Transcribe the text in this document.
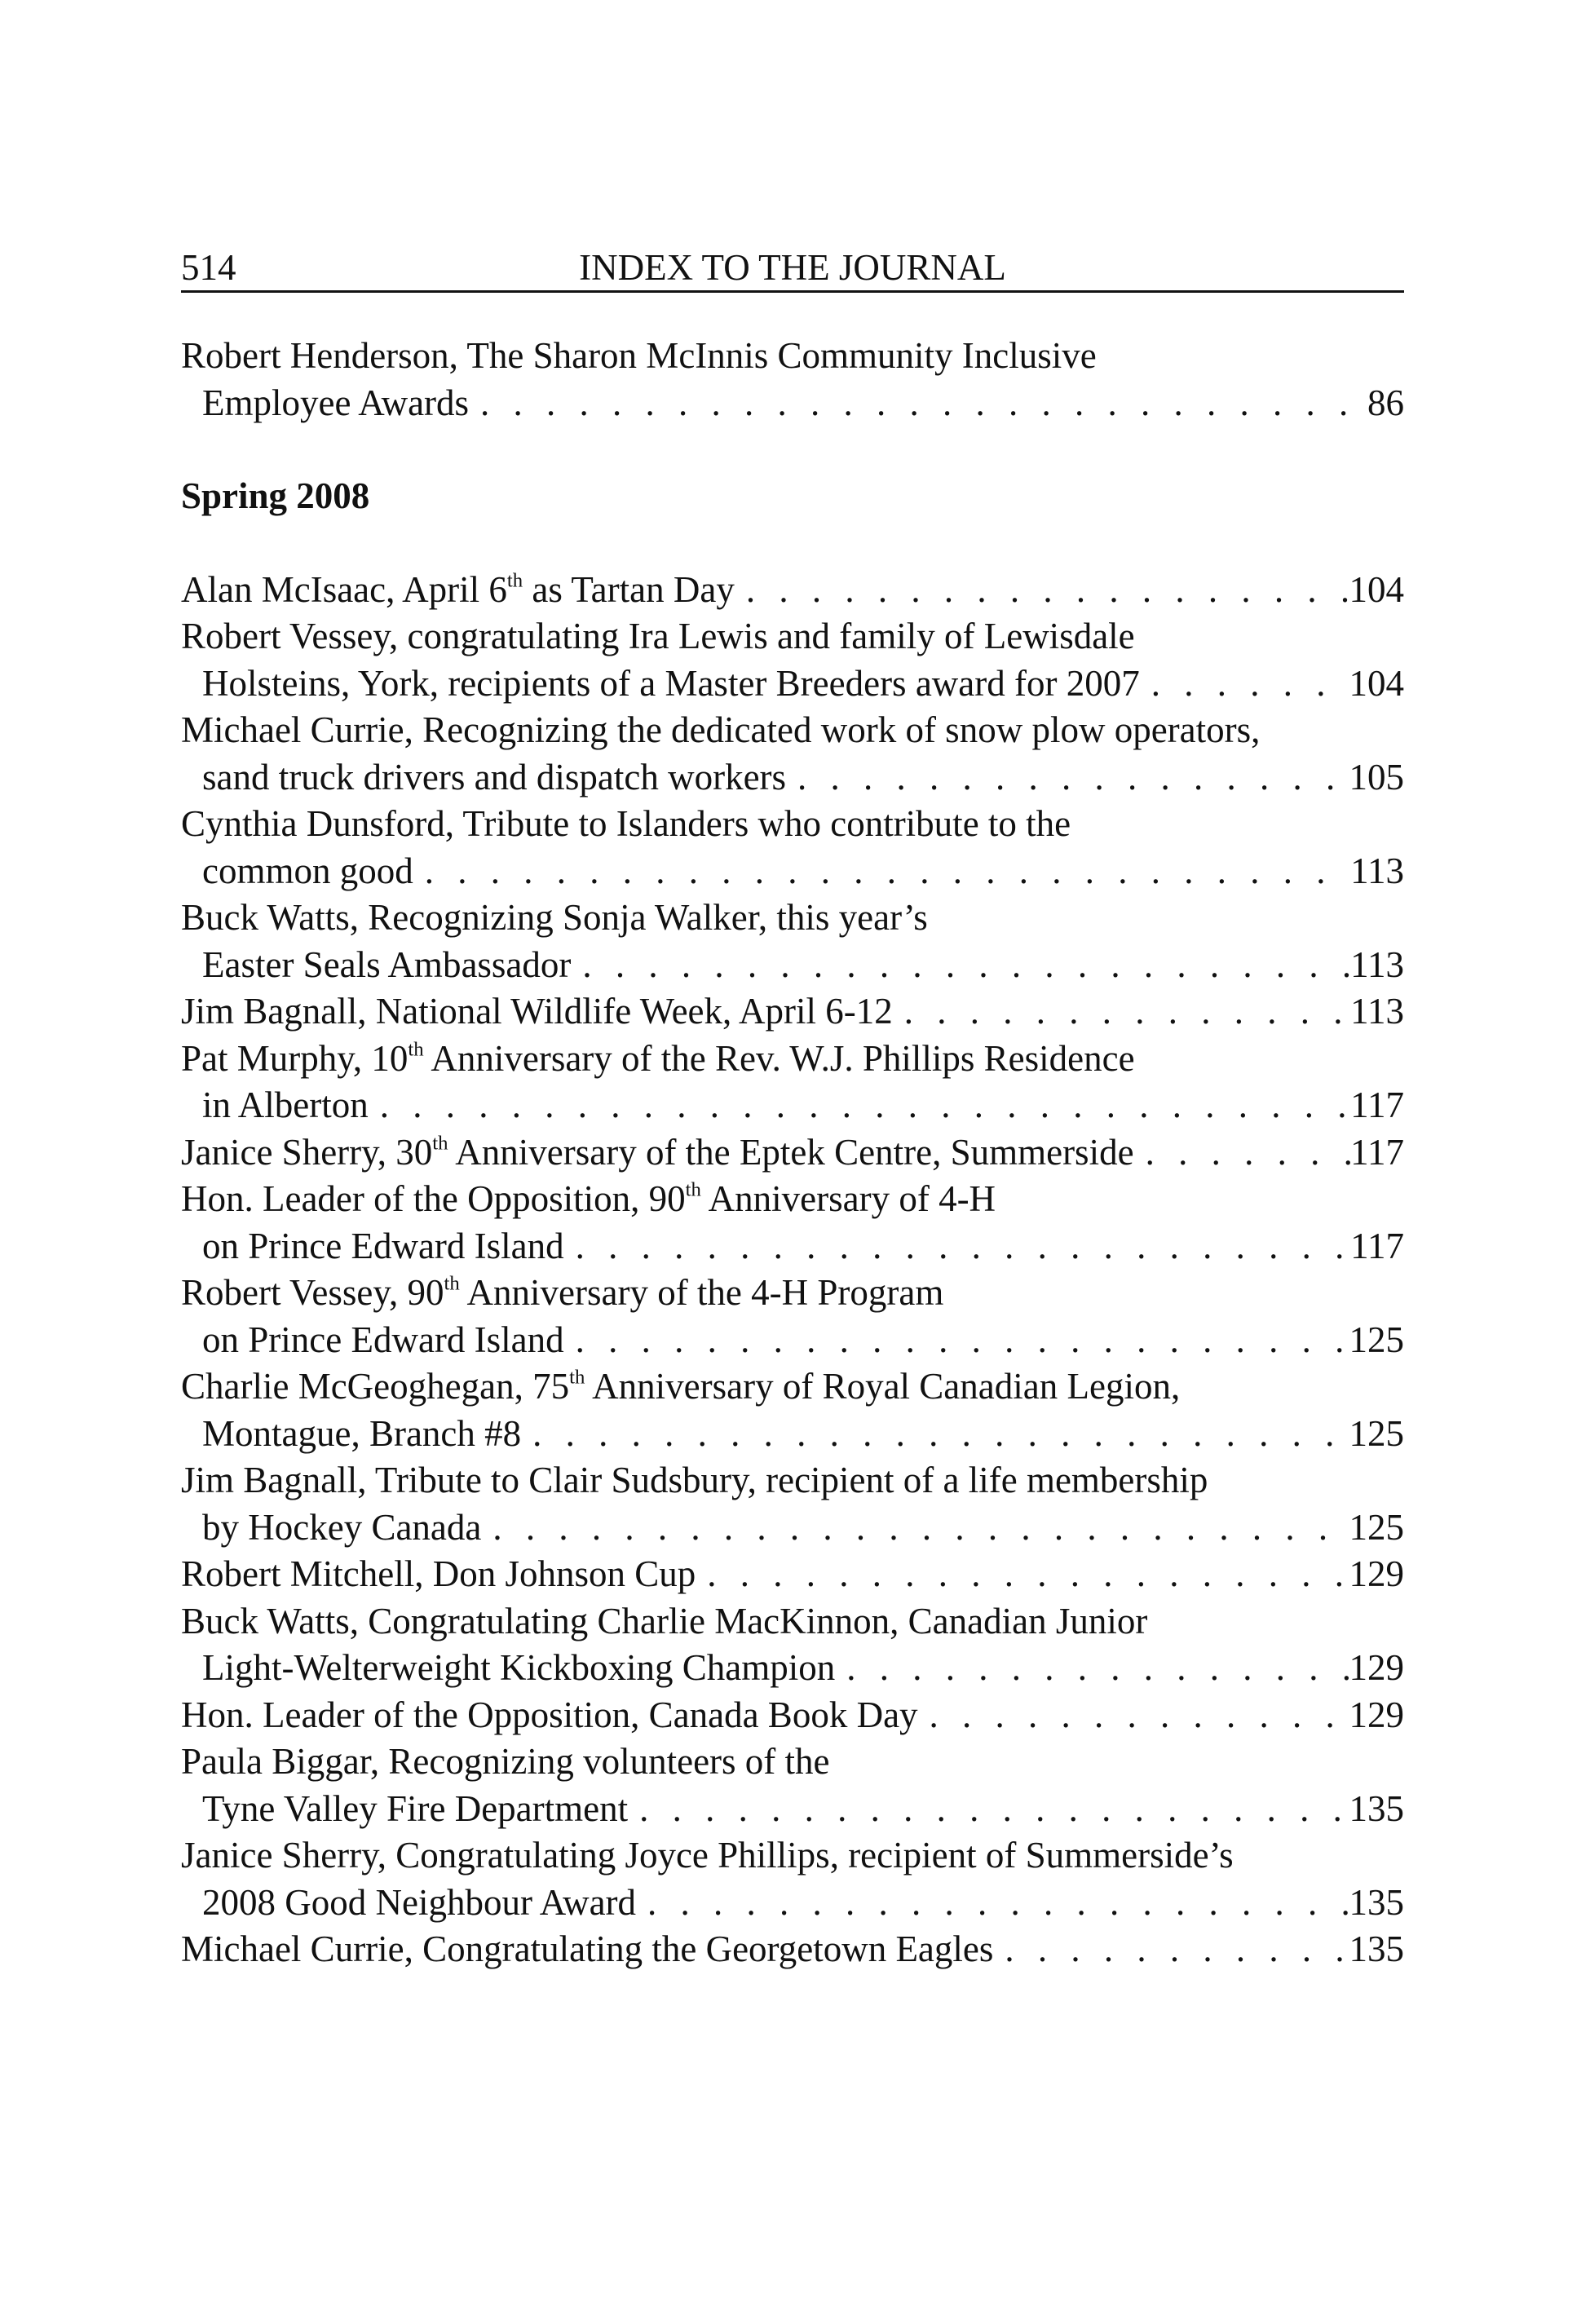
514	INDEX TO THE JOURNAL
Robert Henderson, The Sharon McInnis Community Inclusive
Employee Awards . . .	86
Spring 2008
Alan McIsaac, April 6th as Tartan Day . . .	104
Robert Vessey, congratulating Ira Lewis and family of Lewisdale
Holsteins, York, recipients of a Master Breeders award for 2007 . . .	104
Michael Currie, Recognizing the dedicated work of snow plow operators,
sand truck drivers and dispatch workers . . .	105
Cynthia Dunsford, Tribute to Islanders who contribute to the
common good . . .	113
Buck Watts, Recognizing Sonja Walker, this year’s
Easter Seals Ambassador . . .	113
Jim Bagnall, National Wildlife Week, April 6-12 . . .	113
Pat Murphy, 10th Anniversary of the Rev. W.J. Phillips Residence
in Alberton . . .	117
Janice Sherry, 30th Anniversary of the Eptek Centre, Summerside . . .	117
Hon. Leader of the Opposition, 90th Anniversary of 4-H
on Prince Edward Island . . .	117
Robert Vessey, 90th Anniversary of the 4-H Program
on Prince Edward Island . . .	125
Charlie McGeoghegan, 75th Anniversary of Royal Canadian Legion,
Montague, Branch #8 . . .	125
Jim Bagnall, Tribute to Clair Sudsbury, recipient of a life membership
by Hockey Canada . . .	125
Robert Mitchell, Don Johnson Cup . . .	129
Buck Watts, Congratulating Charlie MacKinnon, Canadian Junior
Light-Welterweight Kickboxing Champion . . .	129
Hon. Leader of the Opposition, Canada Book Day . . .	129
Paula Biggar, Recognizing volunteers of the
Tyne Valley Fire Department . . .	135
Janice Sherry, Congratulating Joyce Phillips, recipient of Summerside’s
2008 Good Neighbour Award . . .	135
Michael Currie, Congratulating the Georgetown Eagles . . .	135
